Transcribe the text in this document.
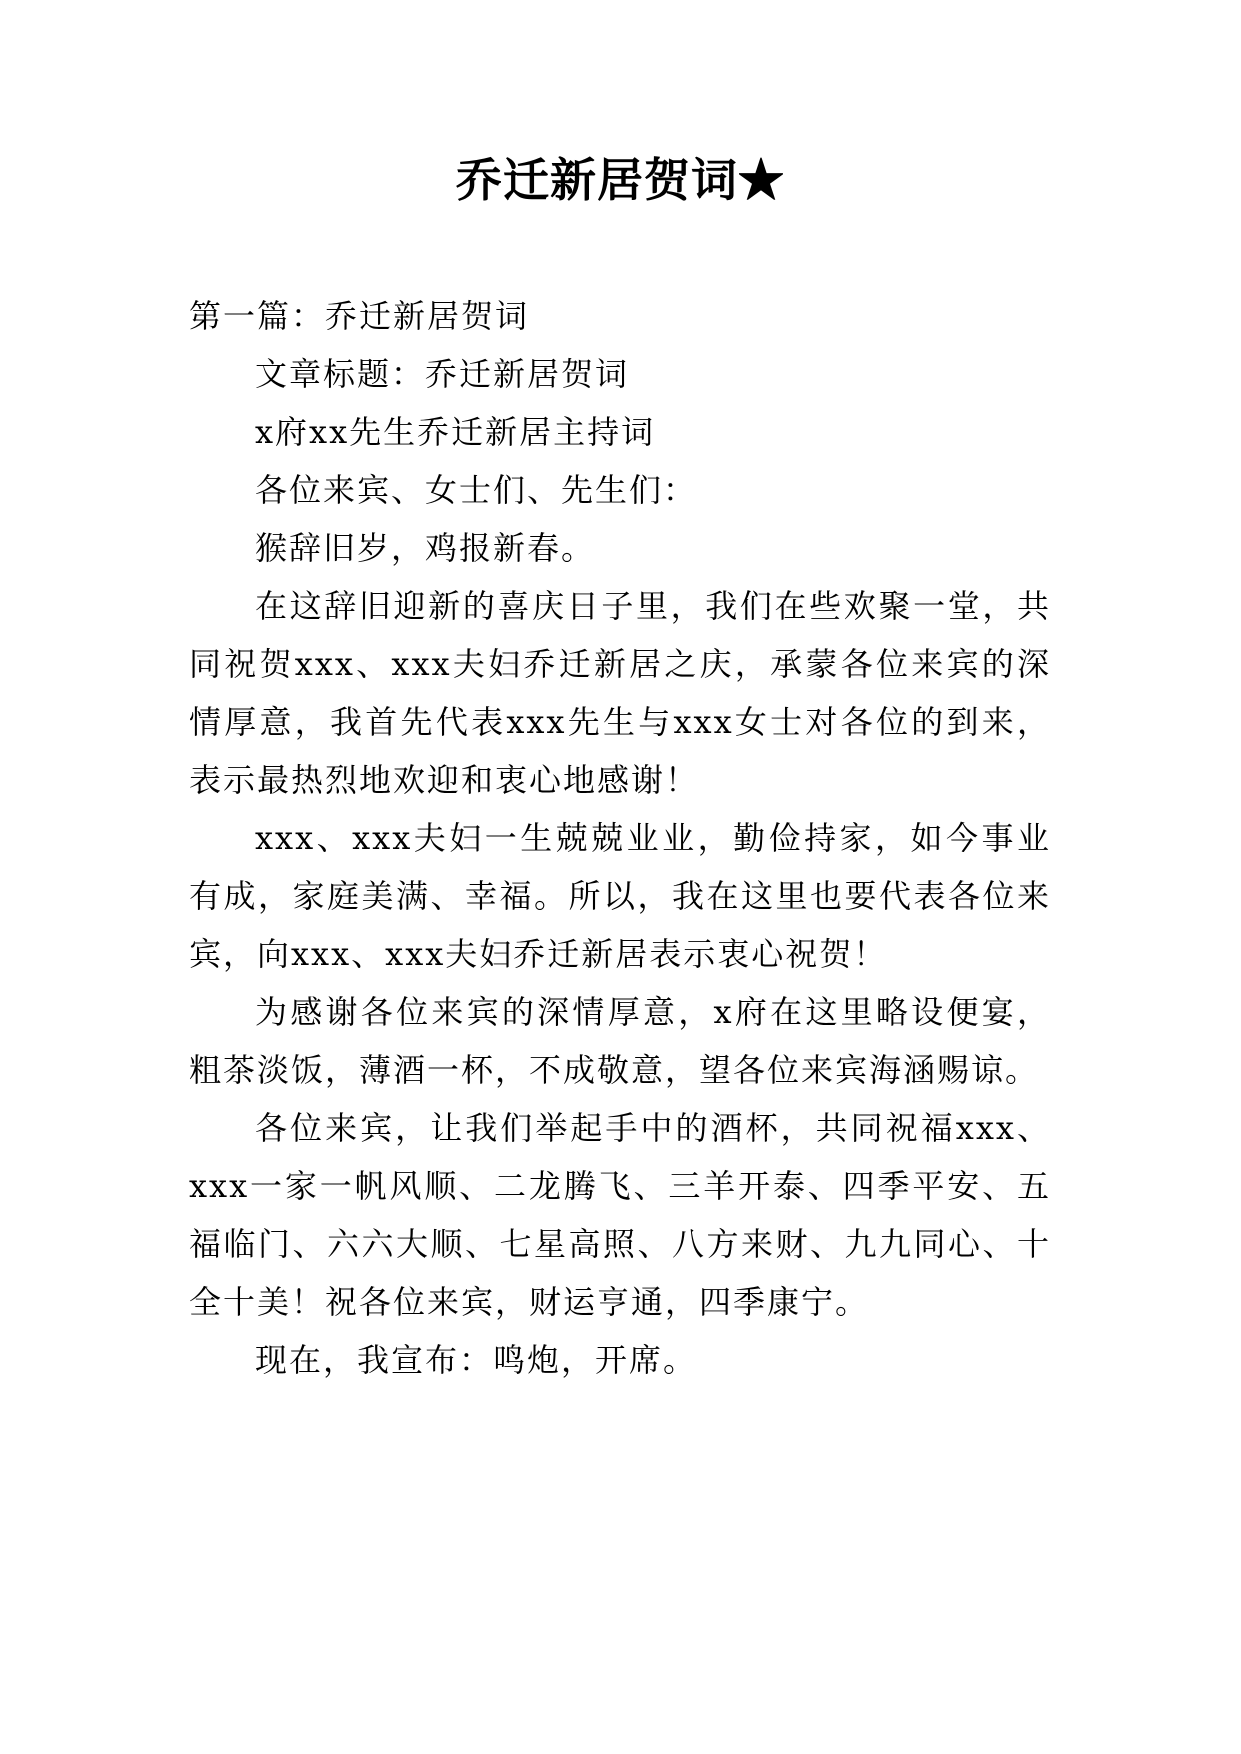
乔迁新居贺词★

第一篇：乔迁新居贺词

文章标题：乔迁新居贺词

x府xx先生乔迁新居主持词

各位来宾、女士们、先生们：

猴辞旧岁，鸡报新春。

在这辞旧迎新的喜庆日子里，我们在些欢聚一堂，共同祝贺xxx、xxx夫妇乔迁新居之庆，承蒙各位来宾的深情厚意，我首先代表xxx先生与xxx女士对各位的到来，表示最热烈地欢迎和衷心地感谢！

xxx、xxx夫妇一生兢兢业业，勤俭持家，如今事业有成，家庭美满、幸福。所以，我在这里也要代表各位来宾，向xxx、xxx夫妇乔迁新居表示衷心祝贺！

为感谢各位来宾的深情厚意，x府在这里略设便宴，粗茶淡饭，薄酒一杯，不成敬意，望各位来宾海涵赐谅。

各位来宾，让我们举起手中的酒杯，共同祝福xxx、xxx一家一帆风顺、二龙腾飞、三羊开泰、四季平安、五福临门、六六大顺、七星高照、八方来财、九九同心、十全十美！祝各位来宾，财运亨通，四季康宁。

现在，我宣布：鸣炮，开席。
